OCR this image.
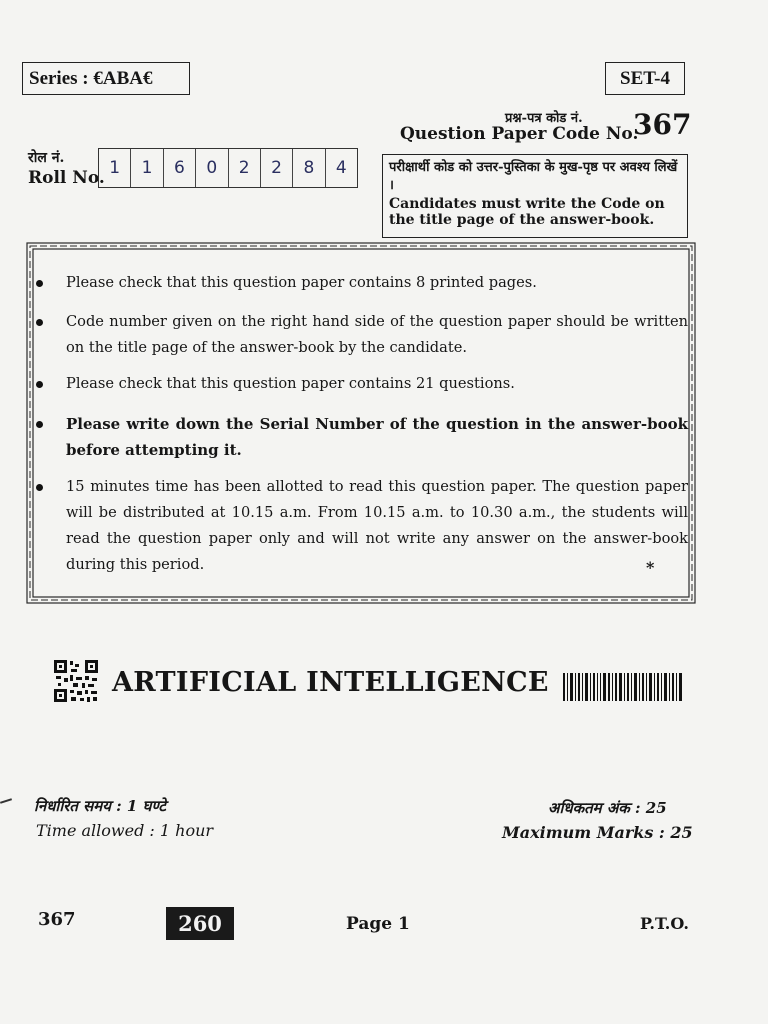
Series : €ABA€	SET-4
प्रश्न-पत्र कोड नं.
Question Paper Code No.
367
रोल नं.
Roll No. 1	1	6	0	2	2	8	4	परीक्षार्थी कोड को उत्तर-पुस्तिका के मुख-पृष्ठ पर अवश्य लिखें ।
Candidates must write the Code on the title page of the answer-book.
Please check that this question paper contains 8 printed pages.
Code number given on the right hand side of the question paper should be written on the title page of the answer-book by the candidate.
Please check that this question paper contains 21 questions.
Please write down the Serial Number of the question in the answer-book before attempting it.
15 minutes time has been allotted to read this question paper. The question paper will be distributed at 10.15 a.m. From 10.15 a.m. to 10.30 a.m., the students will read the question paper only and will not write any answer on the answer-book during this period.	*
ARTIFICIAL INTELLIGENCE
निर्धारित समय : 1 घण्टे
Time allowed : 1 hour
अधिकतम अंक : 25
Maximum Marks : 25
367	260	Page 1	P.T.O.
